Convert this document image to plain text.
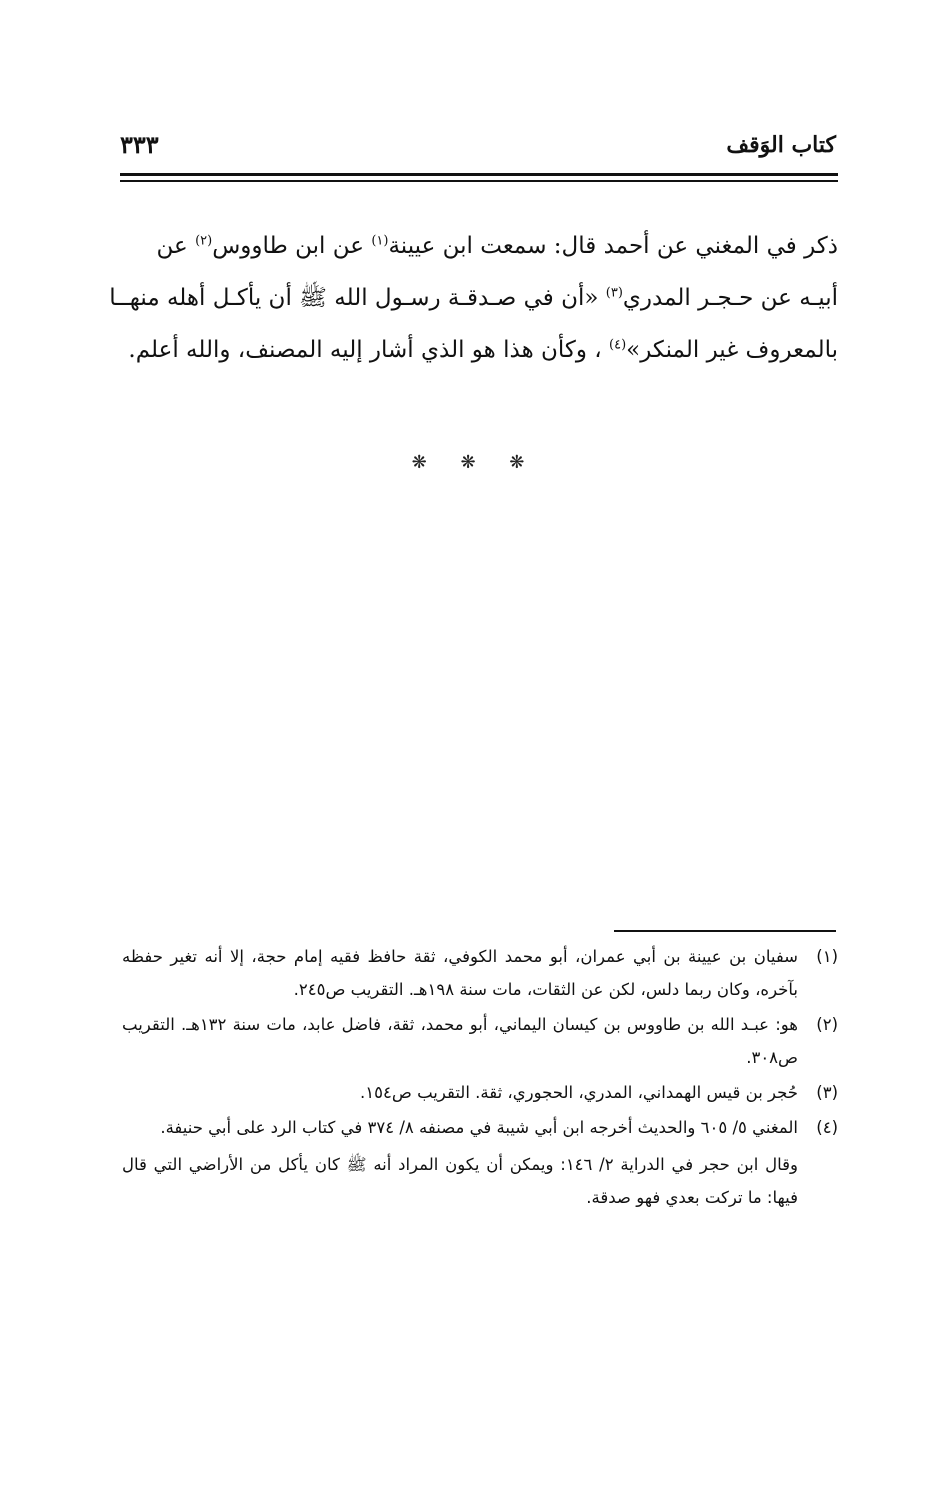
كتاب الوَقف
٣٣٣
ذكر في المغني عن أحمد قال: سمعت ابن عيينة$^{(١)}$ عن ابن طاووس$^{(٢)}$ عن
أبيـه عن حـجـر المدري$^{(٣)}$ «أن في صـدقـة رسـول الله ﷺ أن يأكـل أهله منهــا
بالمعروف غير المنكر»$^{(٤)}$ ، وكأن هذا هو الذي أشار إليه المصنف، والله أعلم.
❋ ❋ ❋
(١)
سفيان بن عيينة بن أبي عمران، أبو محمد الكوفي، ثقة حافظ فقيه إمام حجة، إلا أنه تغير حفظه بآخره، وكان ربما دلس، لكن عن الثقات، مات سنة ١٩٨هـ. التقريب ص٢٤٥.
(٢)
هو: عبـد الله بن طاووس بن كيسان اليماني، أبو محمد، ثقة، فاضل عابد، مات سنة ١٣٢هـ. التقريب ص٣٠٨.
(٣)
حُجر بن قيس الهمداني، المدري، الحجوري، ثقة. التقريب ص١٥٤.
(٤)
المغني ٥/ ٦٠٥ والحديث أخرجه ابن أبي شيبة في مصنفه ٨/ ٣٧٤ في كتاب الرد على أبي حنيفة.
وقال ابن حجر في الدراية ٢/ ١٤٦: ويمكن أن يكون المراد أنه ﷺ كان يأكل من الأراضي التي قال فيها: ما تركت بعدي فهو صدقة.
